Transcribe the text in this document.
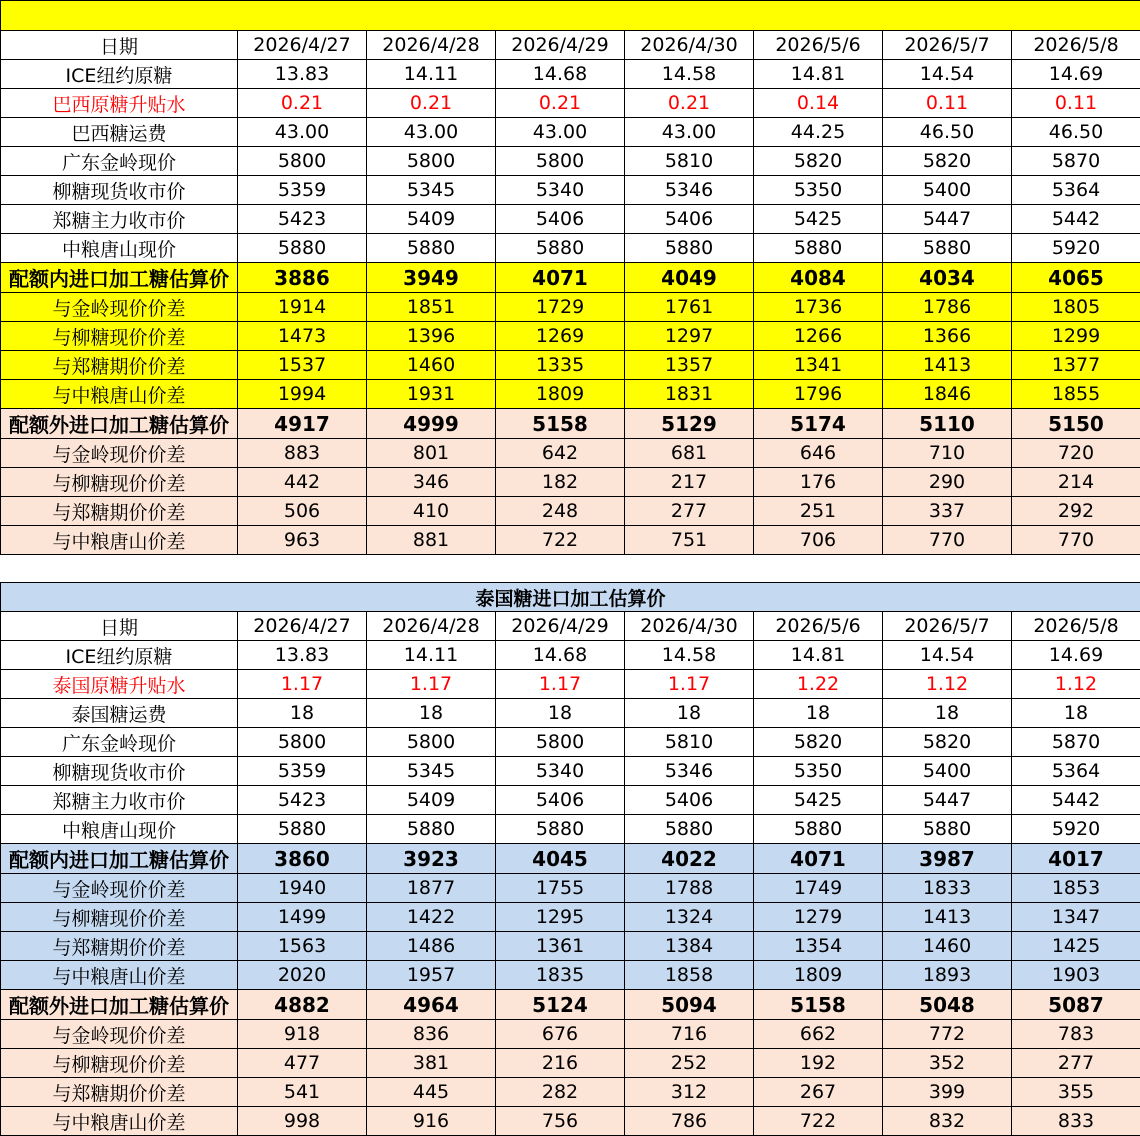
日期	2026/4/27	2026/4/28	2026/4/29	2026/4/30	2026/5/6	2026/5/7	2026/5/8
ICE纽约原糖	13.83	14.11	14.68	14.58	14.81	14.54	14.69
巴西原糖升贴水	0.21	0.21	0.21	0.21	0.14	0.11	0.11
巴西糖运费	43.00	43.00	43.00	43.00	44.25	46.50	46.50
广东金岭现价	5800	5800	5800	5810	5820	5820	5870
柳糖现货收市价	5359	5345	5340	5346	5350	5400	5364
郑糖主力收市价	5423	5409	5406	5406	5425	5447	5442
中粮唐山现价	5880	5880	5880	5880	5880	5880	5920
配额内进口加工糖估算价	3886	3949	4071	4049	4084	4034	4065
与金岭现价价差	1914	1851	1729	1761	1736	1786	1805
与柳糖现价价差	1473	1396	1269	1297	1266	1366	1299
与郑糖期价价差	1537	1460	1335	1357	1341	1413	1377
与中粮唐山价差	1994	1931	1809	1831	1796	1846	1855
配额外进口加工糖估算价	4917	4999	5158	5129	5174	5110	5150
与金岭现价价差	883	801	642	681	646	710	720
与柳糖现价价差	442	346	182	217	176	290	214
与郑糖期价价差	506	410	248	277	251	337	292
与中粮唐山价差	963	881	722	751	706	770	770

泰国糖进口加工估算价							
日期	2026/4/27	2026/4/28	2026/4/29	2026/4/30	2026/5/6	2026/5/7	2026/5/8
ICE纽约原糖	13.83	14.11	14.68	14.58	14.81	14.54	14.69
泰国原糖升贴水	1.17	1.17	1.17	1.17	1.22	1.12	1.12
泰国糖运费	18	18	18	18	18	18	18
广东金岭现价	5800	5800	5800	5810	5820	5820	5870
柳糖现货收市价	5359	5345	5340	5346	5350	5400	5364
郑糖主力收市价	5423	5409	5406	5406	5425	5447	5442
中粮唐山现价	5880	5880	5880	5880	5880	5880	5920
配额内进口加工糖估算价	3860	3923	4045	4022	4071	3987	4017
与金岭现价价差	1940	1877	1755	1788	1749	1833	1853
与柳糖现价价差	1499	1422	1295	1324	1279	1413	1347
与郑糖期价价差	1563	1486	1361	1384	1354	1460	1425
与中粮唐山价差	2020	1957	1835	1858	1809	1893	1903
配额外进口加工糖估算价	4882	4964	5124	5094	5158	5048	5087
与金岭现价价差	918	836	676	716	662	772	783
与柳糖现价价差	477	381	216	252	192	352	277
与郑糖期价价差	541	445	282	312	267	399	355
与中粮唐山价差	998	916	756	786	722	832	833
